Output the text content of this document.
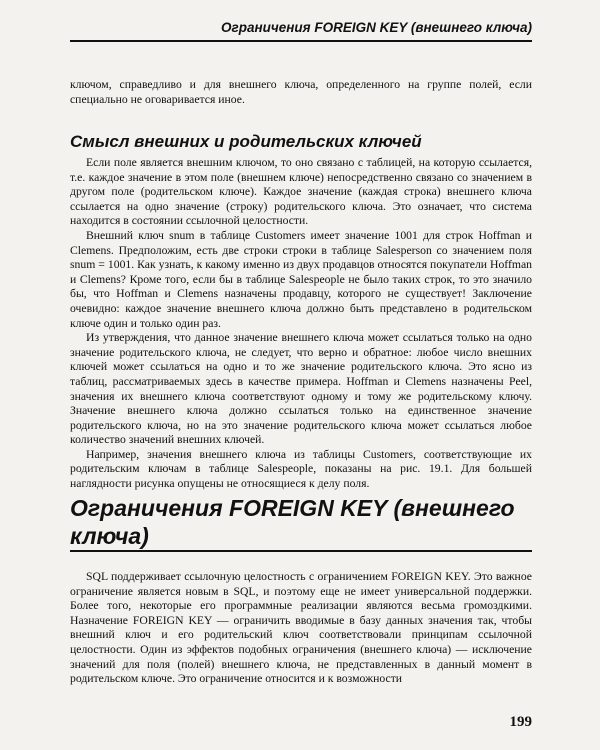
Ограничения FOREIGN KEY (внешнего ключа)

ключом, справедливо и для внешнего ключа, определенного на группе полей, если специально не оговаривается иное.

Смысл внешних и родительских ключей

Если поле является внешним ключом, то оно связано с таблицей, на которую ссылается, т.е. каждое значение в этом поле (внешнем ключе) непосредственно связано со значением в другом поле (родительском ключе). Каждое значение (каждая строка) внешнего ключа ссылается на одно значение (строку) родительского ключа. Это означает, что система находится в состоянии ссылочной целостности.

Внешний ключ snum в таблице Customers имеет значение 1001 для строк Hoffman и Clemens. Предположим, есть две строки строки в таблице Salesperson со значением поля snum = 1001. Как узнать, к какому именно из двух продавцов относятся покупатели Hoffman и Clemens? Кроме того, если бы в таблице Salespeople не было таких строк, то это значило бы, что Hoffman и Clemens назначены продавцу, которого не существует! Заключение очевидно: каждое значение внешнего ключа должно быть представлено в родительском ключе один и только один раз.

Из утверждения, что данное значение внешнего ключа может ссылаться только на одно значение родительского ключа, не следует, что верно и обратное: любое число внешних ключей может ссылаться на одно и то же значение родительского ключа. Это ясно из таблиц, рассматриваемых здесь в качестве примера. Hoffman и Clemens назначены Peel, значения их внешнего ключа соответствуют одному и тому же родительскому ключу. Значение внешнего ключа должно ссылаться только на единственное значение родительского ключа, но на это значение родительского ключа может ссылаться любое количество значений внешних ключей.

Например, значения внешнего ключа из таблицы Customers, соответствующие их родительским ключам в таблице Salespeople, показаны на рис. 19.1. Для большей наглядности рисунка опущены не относящиеся к делу поля.

Ограничения FOREIGN KEY (внешнего ключа)

SQL поддерживает ссылочную целостность с ограничением FOREIGN KEY. Это важное ограничение является новым в SQL, и поэтому еще не имеет универсальной поддержки. Более того, некоторые его программные реализации являются весьма громоздкими. Назначение FOREIGN KEY — ограничить вводимые в базу данных значения так, чтобы внешний ключ и его родительский ключ соответствовали принципам ссылочной целостности. Один из эффектов подобных ограничения (внешнего ключа) — исключение значений для поля (полей) внешнего ключа, не представленных в данный момент в родительском ключе. Это ограничение относится и к возможности

199
